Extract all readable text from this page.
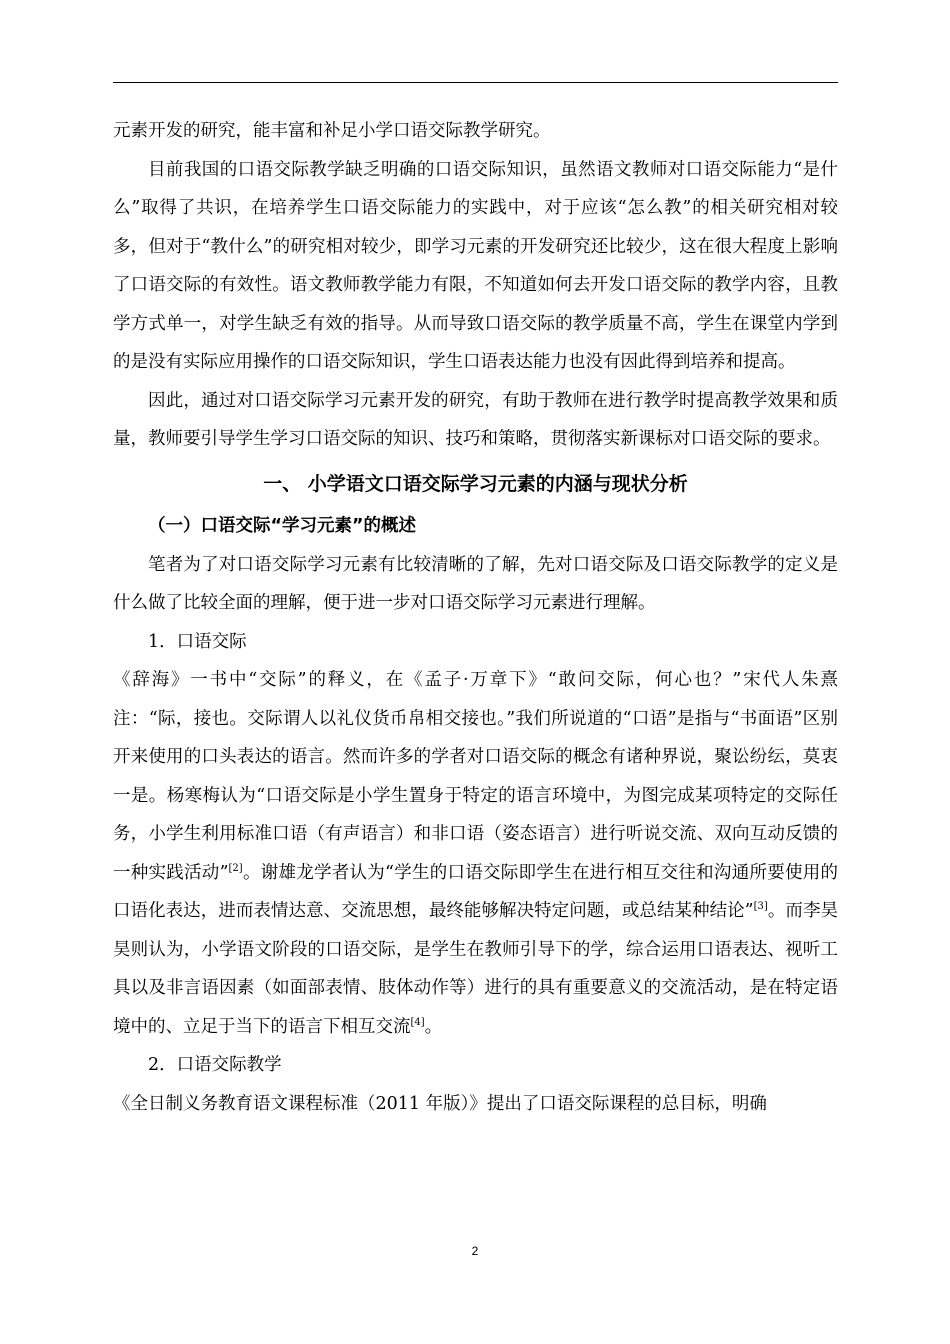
元素开发的研究，能丰富和补足小学口语交际教学研究。

目前我国的口语交际教学缺乏明确的口语交际知识，虽然语文教师对口语交际能力“是什么”取得了共识，在培养学生口语交际能力的实践中，对于应该“怎么教”的相关研究相对较多，但对于“教什么”的研究相对较少，即学习元素的开发研究还比较少，这在很大程度上影响了口语交际的有效性。语文教师教学能力有限，不知道如何去开发口语交际的教学内容，且教学方式单一，对学生缺乏有效的指导。从而导致口语交际的教学质量不高，学生在课堂内学到的是没有实际应用操作的口语交际知识，学生口语表达能力也没有因此得到培养和提高。

因此，通过对口语交际学习元素开发的研究，有助于教师在进行教学时提高教学效果和质量，教师要引导学生学习口语交际的知识、技巧和策略，贯彻落实新课标对口语交际的要求。

一、 小学语文口语交际学习元素的内涵与现状分析

（一）口语交际“学习元素”的概述

笔者为了对口语交际学习元素有比较清晰的了解，先对口语交际及口语交际教学的定义是什么做了比较全面的理解，便于进一步对口语交际学习元素进行理解。

1．口语交际

《辞海》一书中“交际”的释义，在《孟子·万章下》“敢问交际，何心也？”宋代人朱熹注：“际，接也。交际谓人以礼仪货币帛相交接也。”我们所说道的“口语”是指与“书面语”区别开来使用的口头表达的语言。然而许多的学者对口语交际的概念有诸种界说，聚讼纷纭，莫衷一是。杨寒梅认为“口语交际是小学生置身于特定的语言环境中，为图完成某项特定的交际任务，小学生利用标准口语（有声语言）和非口语（姿态语言）进行听说交流、双向互动反馈的一种实践活动”[2]。谢雄龙学者认为“学生的口语交际即学生在进行相互交往和沟通所要使用的口语化表达，进而表情达意、交流思想，最终能够解决特定问题，或总结某种结论”[3]。而李昊昊则认为，小学语文阶段的口语交际，是学生在教师引导下的学，综合运用口语表达、视听工具以及非言语因素（如面部表情、肢体动作等）进行的具有重要意义的交流活动，是在特定语境中的、立足于当下的语言下相互交流[4]。

2．口语交际教学

《全日制义务教育语文课程标准（2011 年版）》提出了口语交际课程的总目标，明确

2
